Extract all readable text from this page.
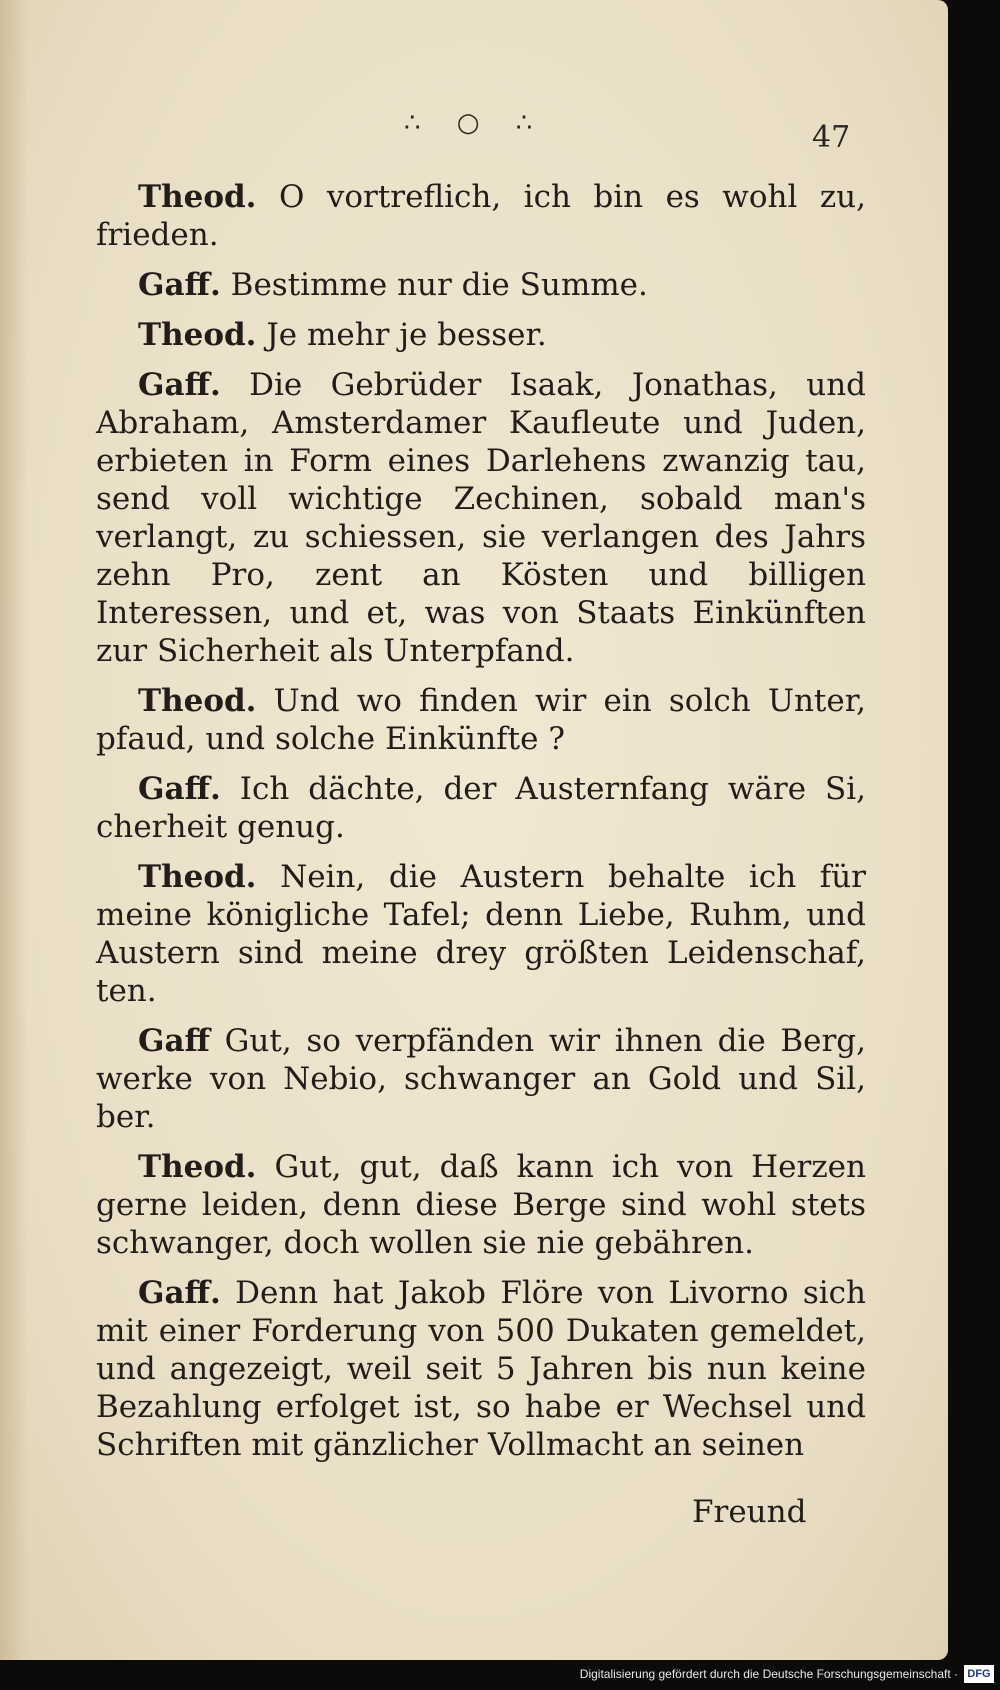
∴ ○ ∴	47

Theod. O vortreflich, ich bin es wohl zu, frieden.

Gaff. Bestimme nur die Summe.

Theod. Je mehr je besser.

Gaff. Die Gebrüder Isaak, Jonathas, und Abraham, Amsterdamer Kaufleute und Juden, erbieten in Form eines Darlehens zwanzig tau, send voll wichtige Zechinen, sobald man's verlangt, zu schiessen, sie verlangen des Jahrs zehn Pro, zent an Kösten und billigen Interessen, und et, was von Staats Einkünften zur Sicherheit als Unterpfand.

Theod. Und wo finden wir ein solch Unter, pfaud, und solche Einkünfte ?

Gaff. Ich dächte, der Austernfang wäre Si, cherheit genug.

Theod. Nein, die Austern behalte ich für meine königliche Tafel; denn Liebe, Ruhm, und Austern sind meine drey größten Leidenschaf, ten.

Gaff Gut, so verpfänden wir ihnen die Berg, werke von Nebio, schwanger an Gold und Sil, ber.

Theod. Gut, gut, daß kann ich von Herzen gerne leiden, denn diese Berge sind wohl stets schwanger, doch wollen sie nie gebähren.

Gaff. Denn hat Jakob Flöre von Livorno sich mit einer Forderung von 500 Dukaten gemeldet, und angezeigt, weil seit 5 Jahren bis nun keine Bezahlung erfolget ist, so habe er Wechsel und Schriften mit gänzlicher Vollmacht an seinen

Freund
Digitalisierung gefördert durch die Deutsche Forschungsgemeinschaft · DFG
